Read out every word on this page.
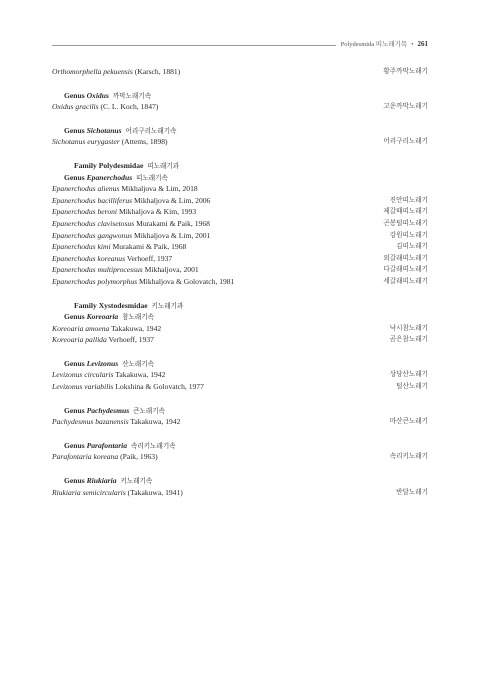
Polydesmida 띠노래기목 • 261
Orthomorphella pekuensis (Karsch, 1881)	황주까막노래기
Genus Oxidus 까막노래기속
Oxidus gracilis (C. L. Koch, 1847)	고운까막노래기
Genus Sichotanus 어리구리노래기속
Sichotanus eurygaster (Attems, 1898)	어리구리노래기
Family Polydesmidae 띠노래기과
Genus Epanerchodus 띠노래기속
Epanerchodus alienus Mikhaljova & Lim, 2018
Epanerchodus bacilliferus Mikhaljova & Lim, 2006	진안띠노래기
Epanerchodus beroni Mikhaljova & Kim, 1993	제갈때띠노래기
Epanerchodus clavisetosus Murakami & Paik, 1968	곤봉털띠노래기
Epanerchodus gangwonus Mikhaljova & Lim, 2001	강원띠노래기
Epanerchodus kimi Murakami & Paik, 1968	김띠노래기
Epanerchodus koreanus Verhoeff, 1937	외갈래띠노래기
Epanerchodus multiprocessus Mikhaljova, 2001	다갈래띠노래기
Epanerchodus polymorphus Mikhaljova & Golovatch, 1981	세갈래띠노래기
Family Xystodesmidae 키노래기과
Genus Koreoaria 참노래기속
Koreoaria amoena Takakuwa, 1942	낙시참노래기
Koreoaria pallida Verhoeff, 1937	곰은참노래기
Genus Levizonus 산노래기속
Levizonus circularis Takakuwa, 1942	상당산노래기
Levizonus variabilis Lokshina & Golovatch, 1977	털산노래기
Genus Pachydesmus 큰노래기속
Pachydesmus bazanensis Takakuwa, 1942	마산큰노래기
Genus Parafontaria 속리키노래기속
Parafontaria koreana (Paik, 1963)	속리키노래기
Genus Riukiaria 키노래기속
Riukiaria semicircularis (Takakuwa, 1941)	반달노래기
